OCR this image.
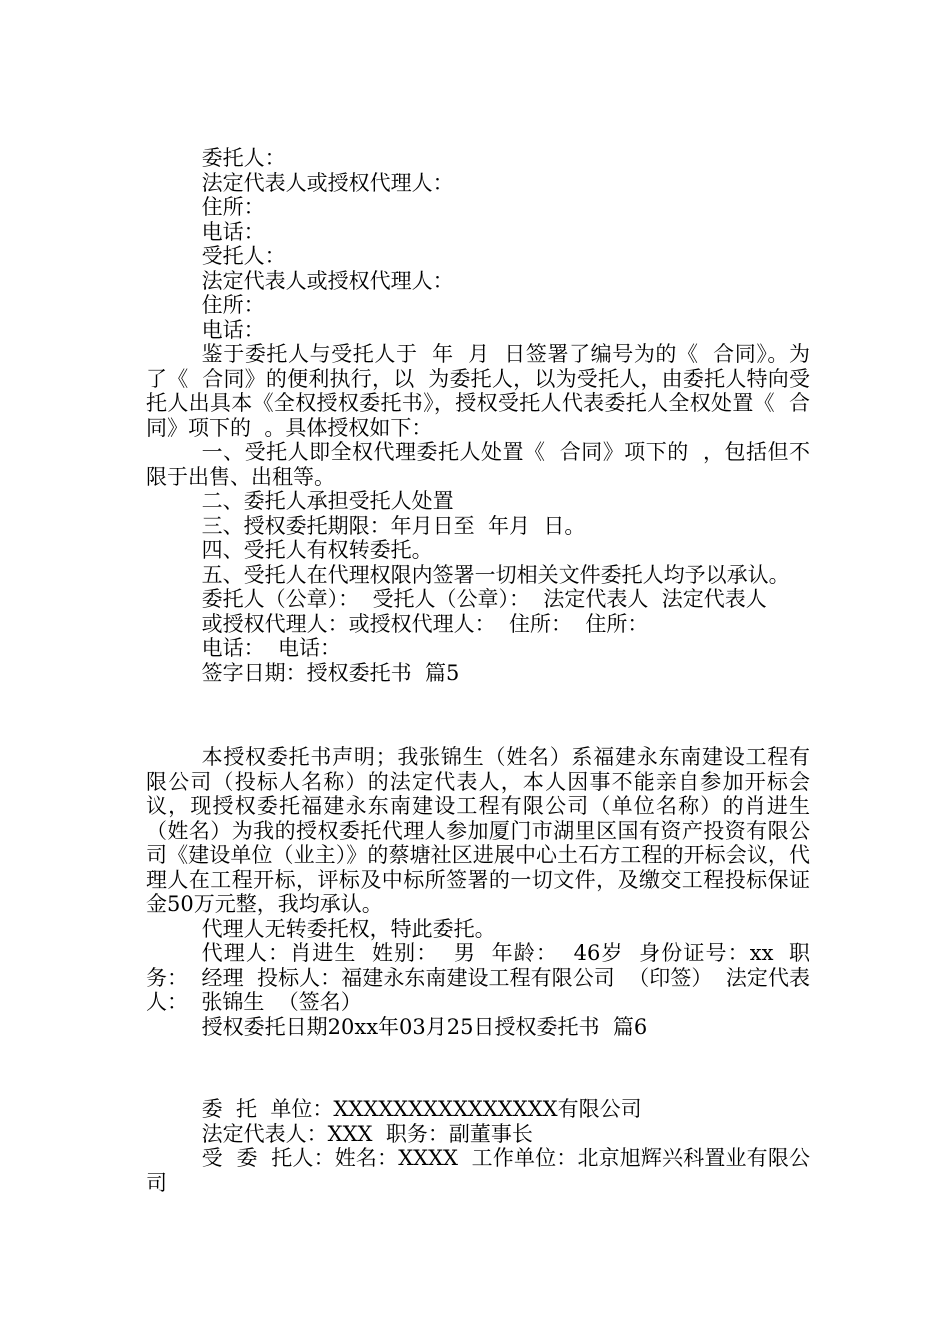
委托人：

法定代表人或授权代理人：

住所：

电话：

受托人：

法定代表人或授权代理人：

住所：

电话：

鉴于委托人与受托人于  年  月  日签署了编号为的《  合同》。为了《  合同》的便利执行，以  为委托人，以为受托人，由委托人特向受托人出具本《全权授权委托书》，授权受托人代表委托人全权处置《  合同》项下的  。具体授权如下：

一、受托人即全权代理委托人处置《  合同》项下的  ，包括但不限于出售、出租等。

二、委托人承担受托人处置

三、授权委托期限：年月日至  年月  日。

四、受托人有权转委托。

五、受托人在代理权限内签署一切相关文件委托人均予以承认。

委托人（公章）：  受托人（公章）：  法定代表人  法定代表人

或授权代理人：或授权代理人：  住所：  住所：

电话：  电话：

签字日期：授权委托书  篇5

本授权委托书声明；我张锦生（姓名）系福建永东南建设工程有限公司（投标人名称）的法定代表人，本人因事不能亲自参加开标会议，现授权委托福建永东南建设工程有限公司（单位名称）的肖进生（姓名）为我的授权委托代理人参加厦门市湖里区国有资产投资有限公司《建设单位（业主）》的蔡塘社区进展中心土石方工程的开标会议，代理人在工程开标，评标及中标所签署的一切文件，及缴交工程投标保证金50万元整，我均承认。

代理人无转委托权，特此委托。

代理人：肖进生  姓别：  男  年龄：  46岁  身份证号：xx  职务：  经理  投标人：福建永东南建设工程有限公司  （印签）  法定代表人：  张锦生  （签名）

授权委托日期20xx年03月25日授权委托书  篇6

委  托  单位：XXXXXXXXXXXXXXX有限公司

法定代表人：XXX  职务：副董事长

受  委  托人：姓名：XXXX  工作单位：北京旭辉兴科置业有限公司
